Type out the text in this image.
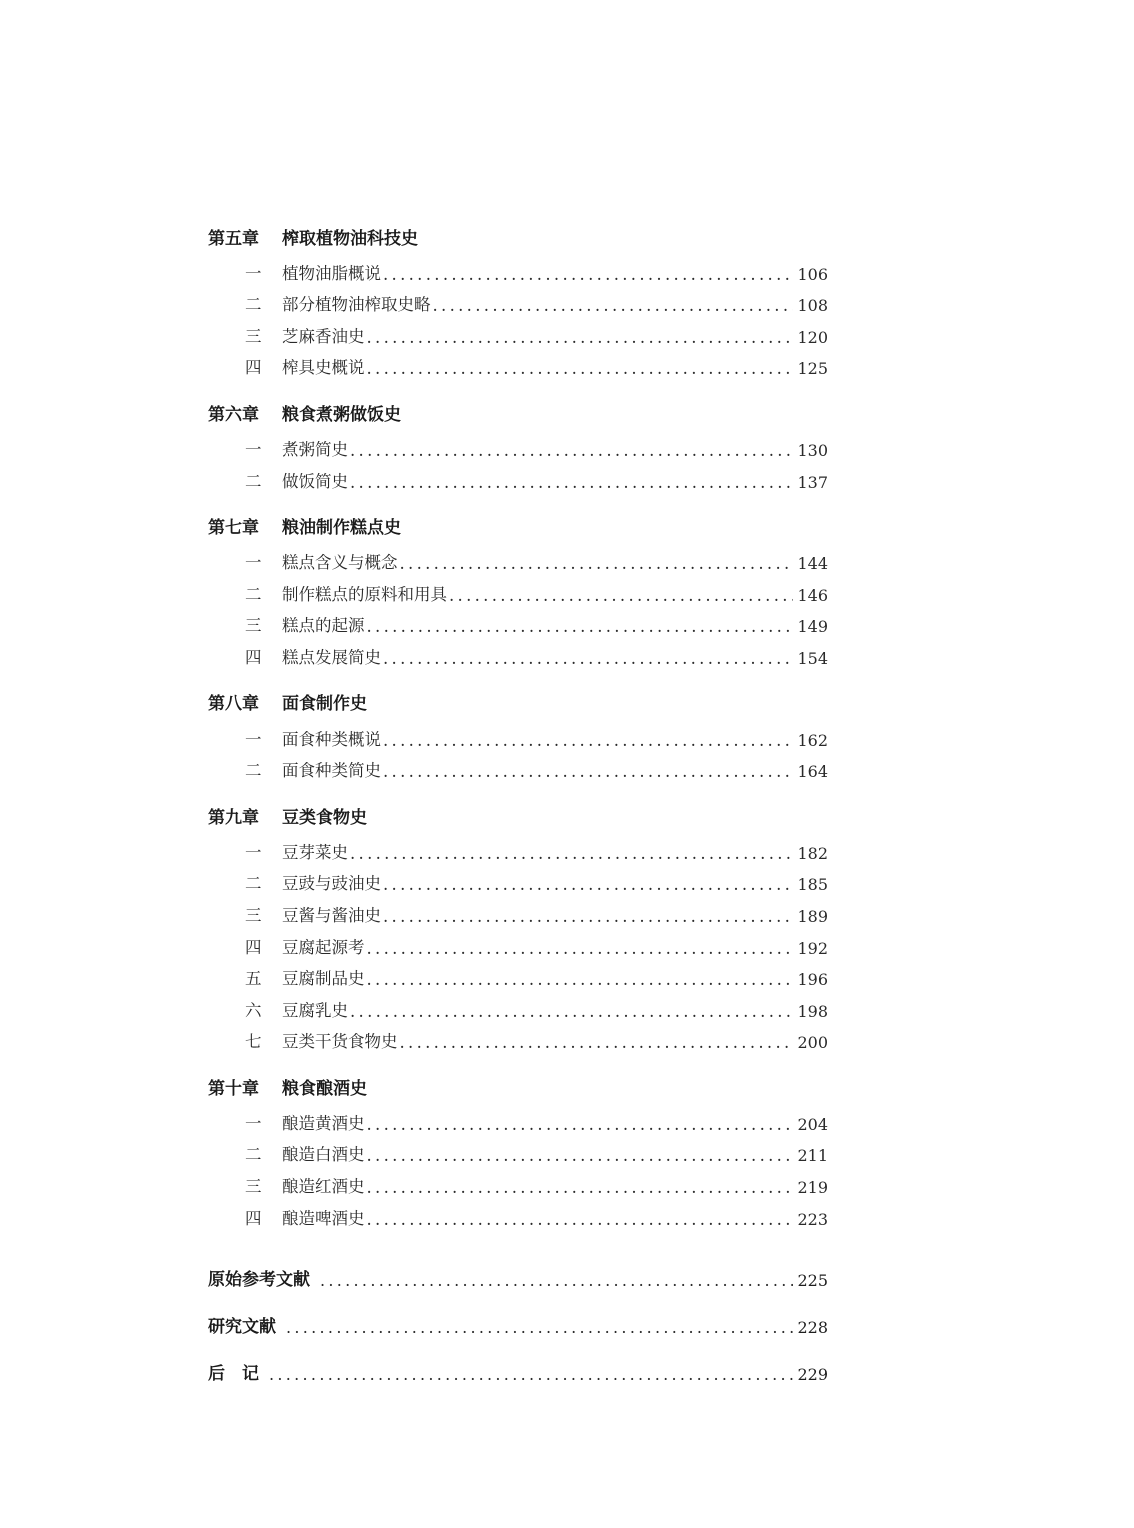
第五章	榨取植物油科技史
一	植物油脂概说 .....	106
二	部分植物油榨取史略 .....	108
三	芝麻香油史 .....	120
四	榨具史概说 .....	125
第六章	粮食煮粥做饭史
一	煮粥简史 .....	130
二	做饭简史 .....	137
第七章	粮油制作糕点史
一	糕点含义与概念 .....	144
二	制作糕点的原料和用具 .....	146
三	糕点的起源 .....	149
四	糕点发展简史 .....	154
第八章	面食制作史
一	面食种类概说 .....	162
二	面食种类简史 .....	164
第九章	豆类食物史
一	豆芽菜史 .....	182
二	豆豉与豉油史 .....	185
三	豆酱与酱油史 .....	189
四	豆腐起源考 .....	192
五	豆腐制品史 .....	196
六	豆腐乳史 .....	198
七	豆类干货食物史 .....	200
第十章	粮食酿酒史
一	酿造黄酒史 .....	204
二	酿造白酒史 .....	211
三	酿造红酒史 .....	219
四	酿造啤酒史 .....	223
原始参考文献 .....	225
研究文献 .....	228
后　记 .....	229
